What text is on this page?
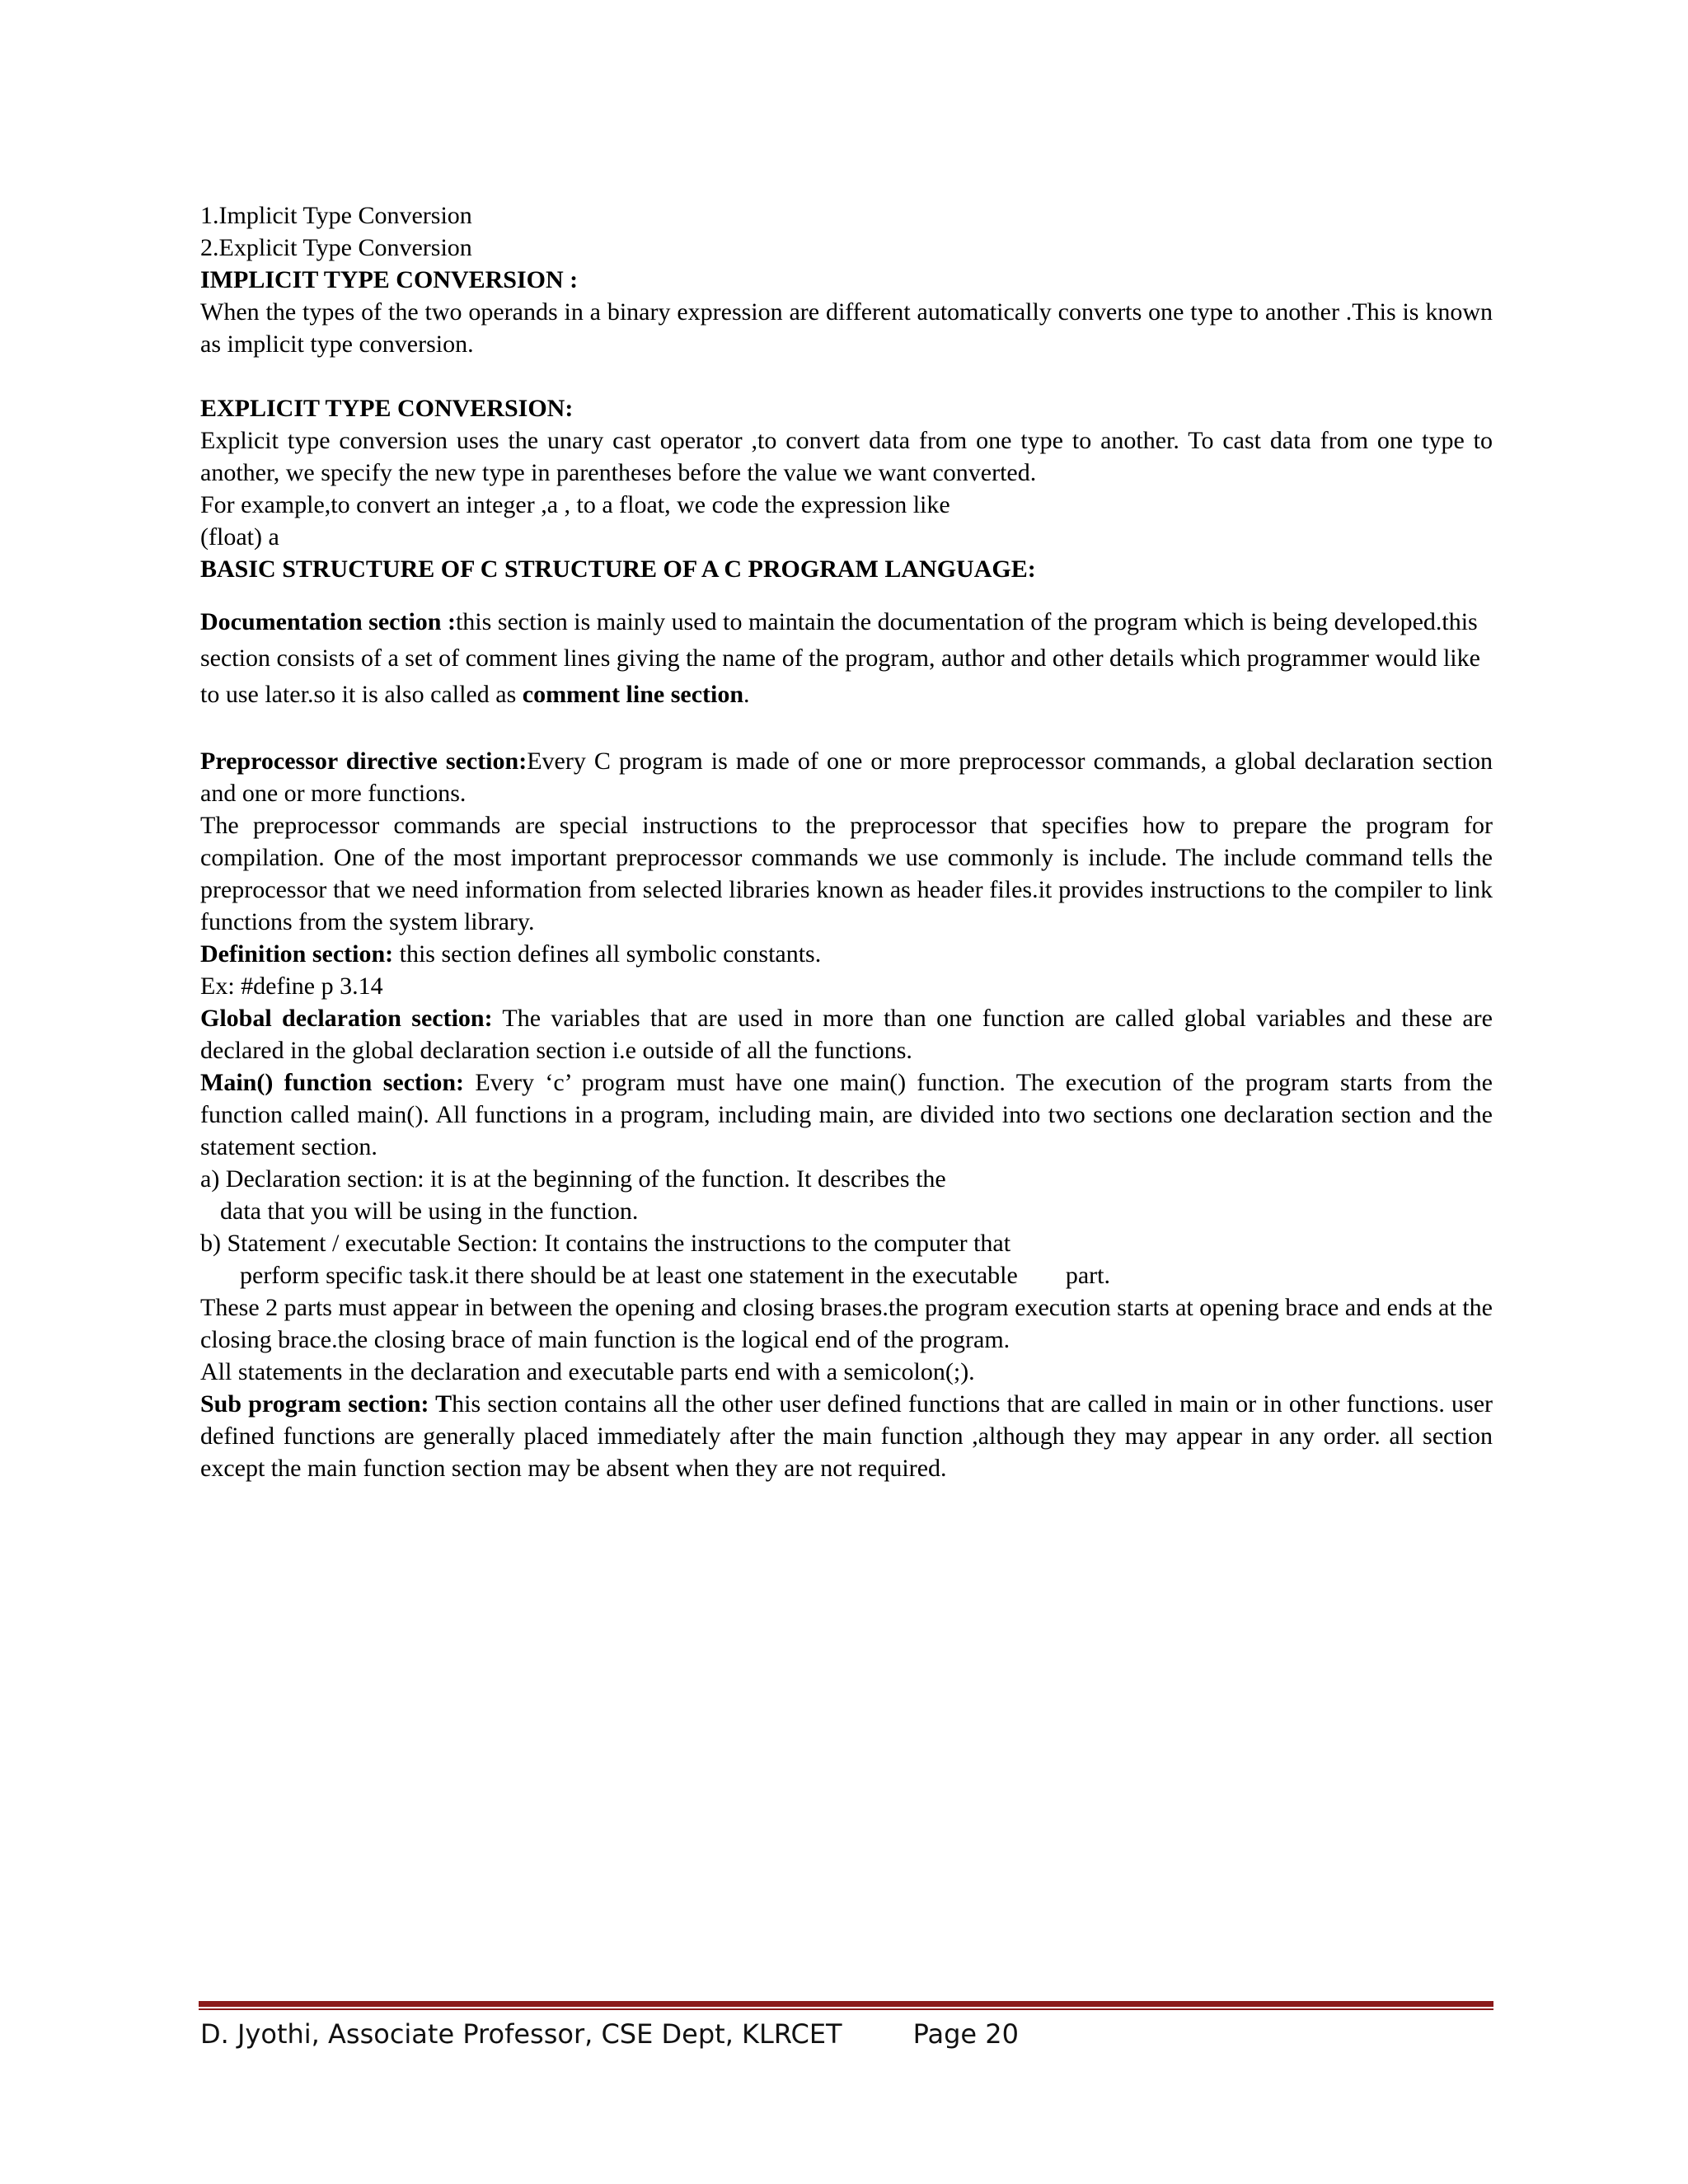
1.Implicit Type Conversion
2.Explicit Type Conversion
IMPLICIT TYPE CONVERSION :
When the types of the two operands in a binary expression are different automatically converts one type to another .This is known as implicit type conversion.
EXPLICIT TYPE CONVERSION:
Explicit type conversion uses the unary cast operator ,to convert data from one type to another. To cast data from one type to another, we specify the new type in parentheses before the value we want converted.
For example,to convert an integer ,a , to a float, we code the expression like
(float) a
BASIC STRUCTURE OF C STRUCTURE OF A C PROGRAM LANGUAGE:
Documentation section :this section is mainly used to maintain the documentation of the program which is being developed.this section consists of a set of comment lines giving the name of the program, author and other details which programmer would like to use later.so it is also called as comment line section.
Preprocessor directive section:Every C program is made of one or more preprocessor commands, a global declaration section and one or more functions.
The preprocessor commands are special instructions to the preprocessor that specifies how to prepare the program for compilation. One of the most important preprocessor commands we use commonly is include. The include command tells the preprocessor that we need information from selected libraries known as header files.it provides instructions to the compiler to link functions from the system library.
Definition section: this section defines all symbolic constants.
Ex: #define p 3.14
Global declaration section: The variables that are used in more than one function are called global variables and these are declared in the global declaration section i.e outside of all the functions.
Main() function section: Every ‘c’ program must have one main() function. The execution of the program starts from the function called main(). All functions in a program, including main, are divided into two sections one declaration section and the statement section.
a) Declaration section: it is at the beginning of the function. It describes the
data that you will be using in the function.
b) Statement / executable Section: It contains the instructions to the computer that
perform specific task.it there should be at least one statement in the executable part.
These 2 parts must appear in between the opening and closing brases.the program execution starts at opening brace and ends at the closing brace.the closing brace of main function is the logical end of the program.
All statements in the declaration and executable parts end with a semicolon(;).
Sub program section: This section contains all the other user defined functions that are called in main or in other functions. user defined functions are generally placed immediately after the main function ,although they may appear in any order. all section except the main function section may be absent when they are not required.
D. Jyothi, Associate Professor, CSE Dept, KLRCET	Page 20
